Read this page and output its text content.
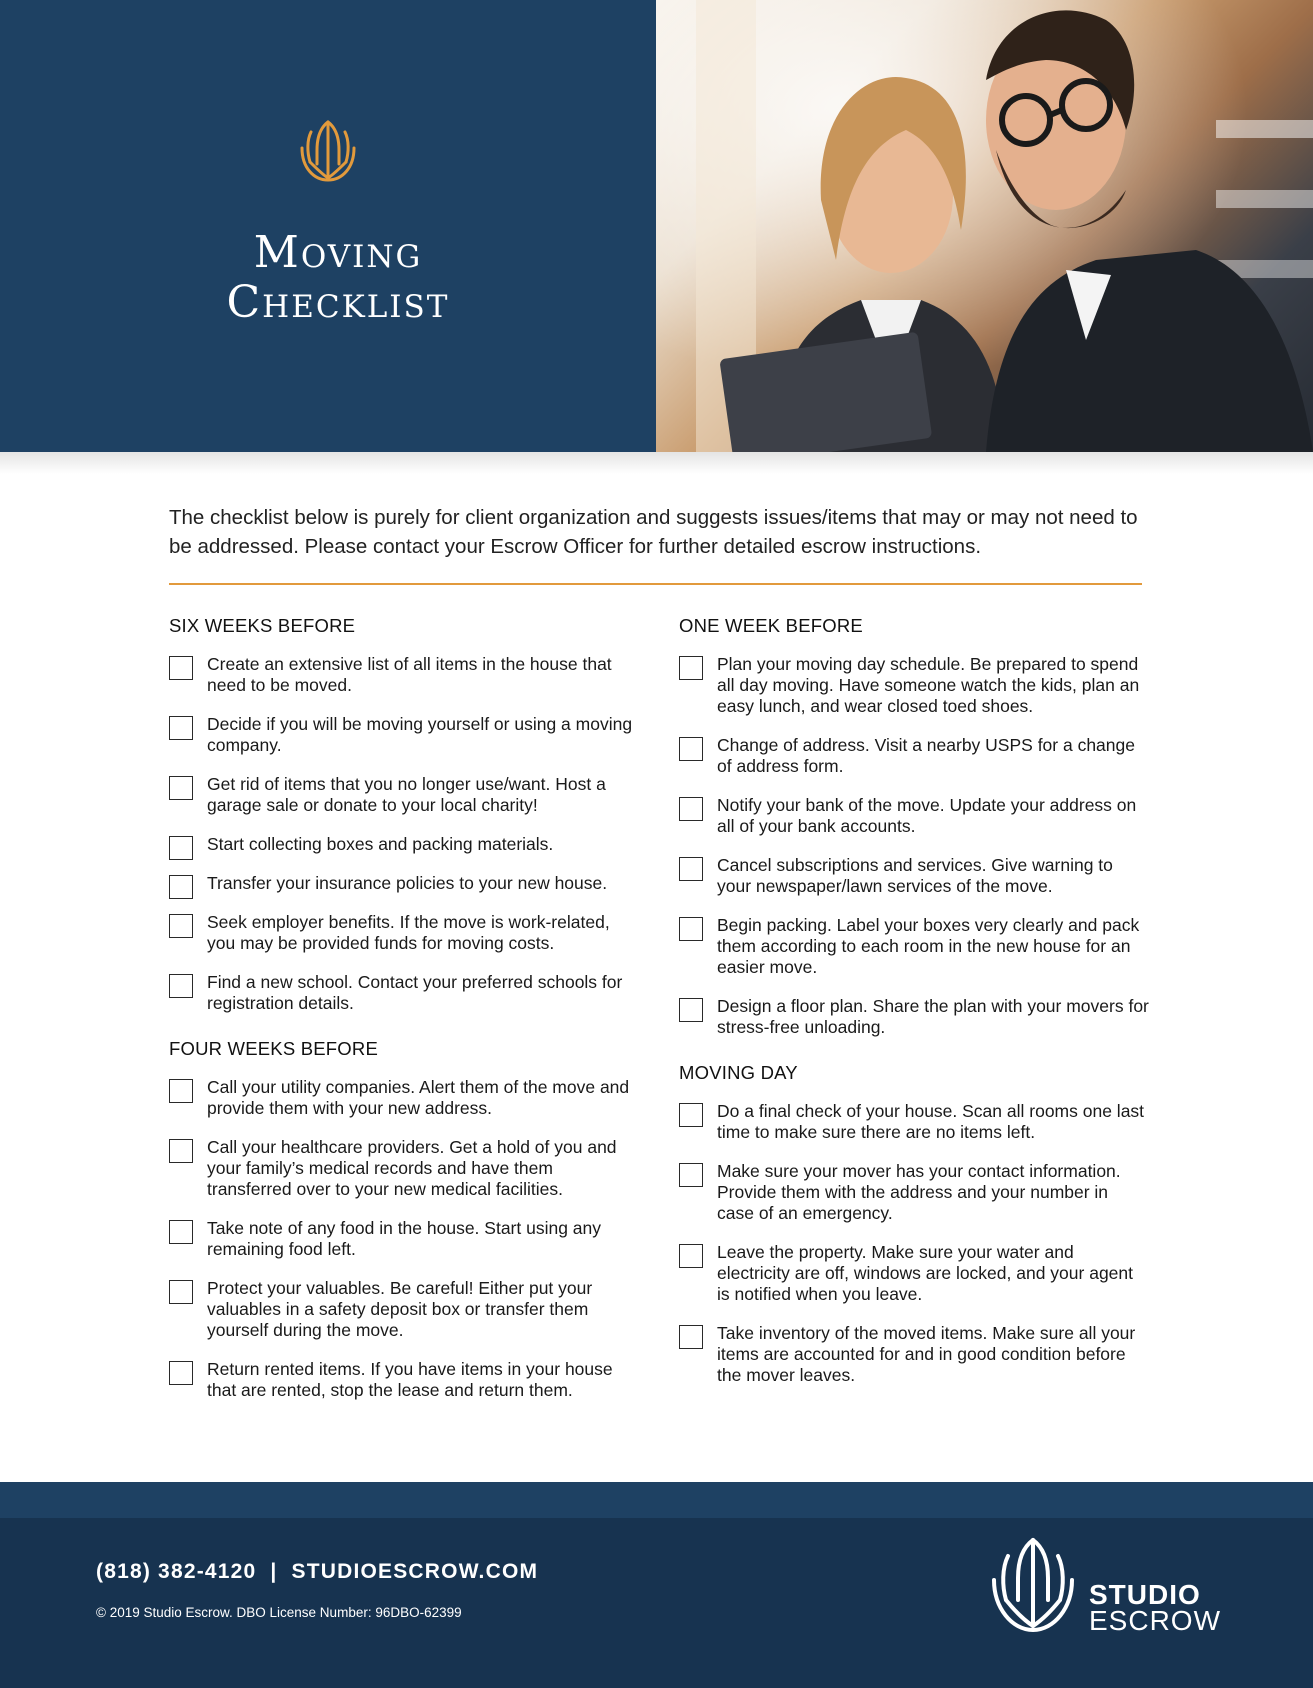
Moving
Checklist

The checklist below is purely for client organization and suggests issues/items that may or may not need to be addressed. Please contact your Escrow Officer for further detailed escrow instructions.

SIX WEEKS BEFORE
Create an extensive list of all items in the house that need to be moved.
Decide if you will be moving yourself or using a moving company.
Get rid of items that you no longer use/want. Host a garage sale or donate to your local charity!
Start collecting boxes and packing materials.
Transfer your insurance policies to your new house.
Seek employer benefits. If the move is work-related, you may be provided funds for moving costs.
Find a new school. Contact your preferred schools for registration details.
FOUR WEEKS BEFORE
Call your utility companies. Alert them of the move and provide them with your new address.
Call your healthcare providers. Get a hold of you and your family’s medical records and have them transferred over to your new medical facilities.
Take note of any food in the house. Start using any remaining food left.
Protect your valuables. Be careful! Either put your valuables in a safety deposit box or transfer them yourself during the move.
Return rented items. If you have items in your house that are rented, stop the lease and return them.
ONE WEEK BEFORE
Plan your moving day schedule. Be prepared to spend all day moving. Have someone watch the kids, plan an easy lunch, and wear closed toed shoes.
Change of address. Visit a nearby USPS for a change of address form.
Notify your bank of the move. Update your address on all of your bank accounts.
Cancel subscriptions and services. Give warning to your newspaper/lawn services of the move.
Begin packing. Label your boxes very clearly and pack them according to each room in the new house for an easier move.
Design a floor plan. Share the plan with your movers for stress-free unloading.
MOVING DAY
Do a final check of your house. Scan all rooms one last time to make sure there are no items left.
Make sure your mover has your contact information. Provide them with the address and your number in case of an emergency.
Leave the property. Make sure your water and electricity are off, windows are locked, and your agent is notified when you leave.
Take inventory of the moved items. Make sure all your items are accounted for and in good condition before the mover leaves.
(818) 382-4120 | STUDIOESCROW.COM
© 2019 Studio Escrow. DBO License Number: 96DBO-62399
STUDIO
ESCROW
